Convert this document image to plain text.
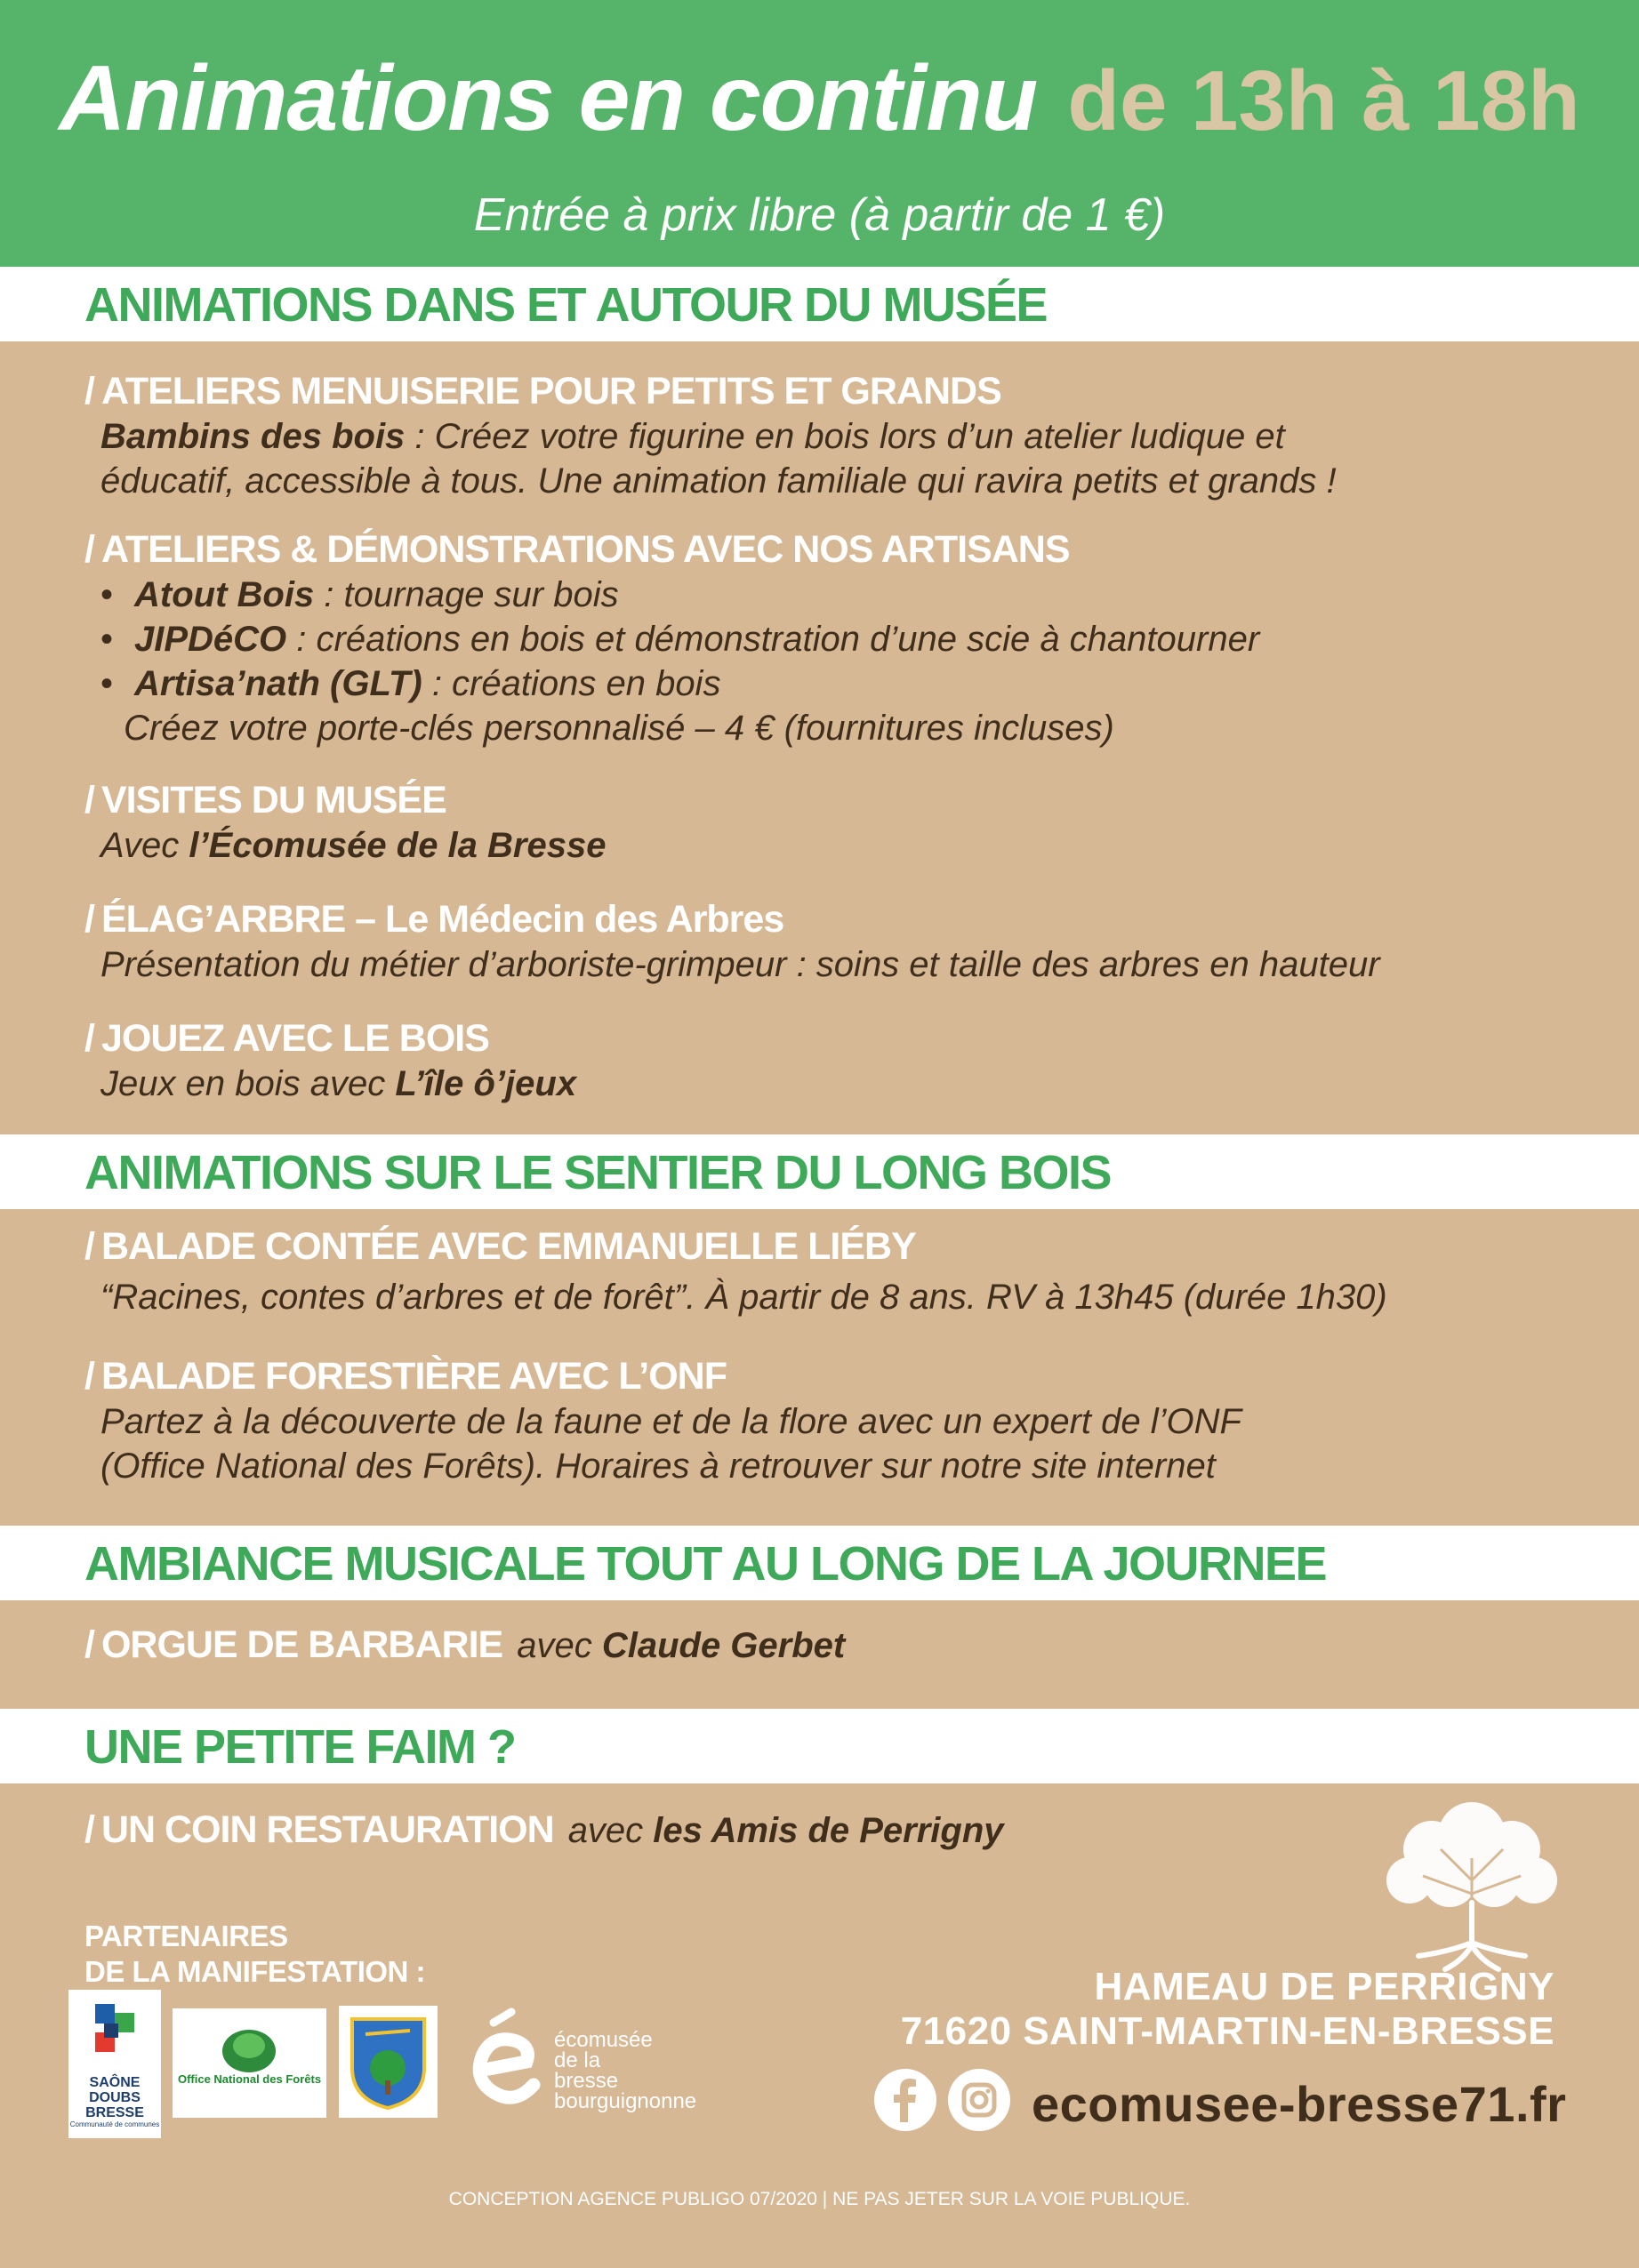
Animations en continu de 13h à 18h
Entrée à prix libre (à partir de 1 €)
ANIMATIONS DANS ET AUTOUR DU MUSÉE
/ ATELIERS MENUISERIE POUR PETITS ET GRANDS
Bambins des bois : Créez votre figurine en bois lors d’un atelier ludique et
éducatif, accessible à tous. Une animation familiale qui ravira petits et grands !
/ ATELIERS & DÉMONSTRATIONS AVEC NOS ARTISANS
• Atout Bois : tournage sur bois
• JIPDéCO : créations en bois et démonstration d’une scie à chantourner
• Artisa’nath (GLT) : créations en bois
Créez votre porte-clés personnalisé – 4 € (fournitures incluses)
/ VISITES DU MUSÉE
Avec l’Écomusée de la Bresse
/ ÉLAG’ARBRE – Le Médecin des Arbres
Présentation du métier d’arboriste-grimpeur : soins et taille des arbres en hauteur
/ JOUEZ AVEC LE BOIS
Jeux en bois avec L’île ô’jeux
ANIMATIONS SUR LE SENTIER DU LONG BOIS
/ BALADE CONTÉE AVEC EMMANUELLE LIÉBY
“Racines, contes d’arbres et de forêt”. À partir de 8 ans. RV à 13h45 (durée 1h30)
/ BALADE FORESTIÈRE AVEC L’ONF
Partez à la découverte de la faune et de la flore avec un expert de l’ONF
(Office National des Forêts). Horaires à retrouver sur notre site internet
AMBIANCE MUSICALE TOUT AU LONG DE LA JOURNEE
/ ORGUE DE BARBARIE avec Claude Gerbet
UNE PETITE FAIM ?
/ UN COIN RESTAURATION avec les Amis de Perrigny
PARTENAIRES
DE LA MANIFESTATION :
SAÔNE
DOUBS
BRESSE
Communauté de communes
Office National des Forêts
écomusée
de la
bresse
bourguignonne
HAMEAU DE PERRIGNY
71620 SAINT-MARTIN-EN-BRESSE
ecomusee-bresse71.fr
CONCEPTION AGENCE PUBLIGO 07/2020 | NE PAS JETER SUR LA VOIE PUBLIQUE.
